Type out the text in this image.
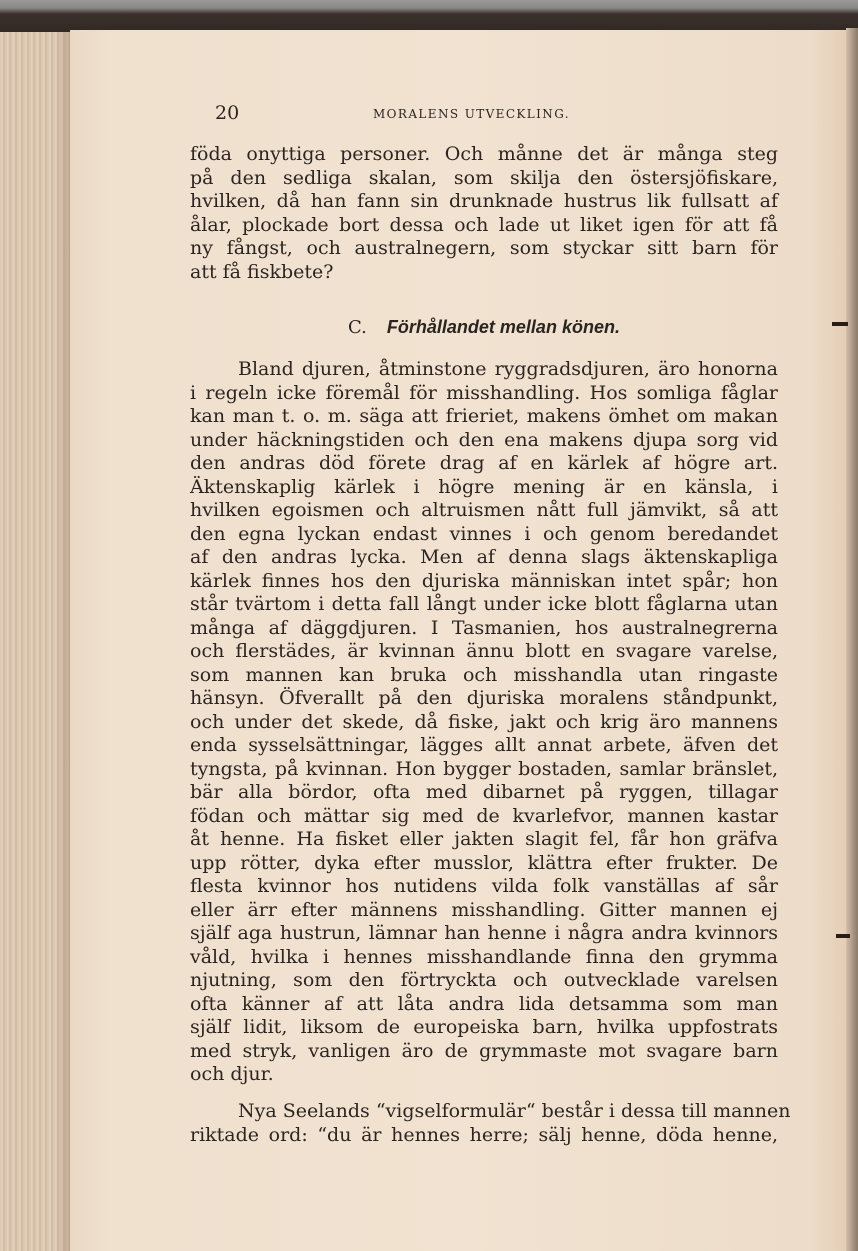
20	MORALENS UTVECKLING.
föda onyttiga personer. Och månne det är många steg
på den sedliga skalan, som skilja den östersjöfiskare,
hvilken, då han fann sin drunknade hustrus lik fullsatt af
ålar, plockade bort dessa och lade ut liket igen för att få
ny fångst, och australnegern, som styckar sitt barn för
att få fiskbete?
C. Förhållandet mellan könen.
Bland djuren, åtminstone ryggradsdjuren, äro honorna
i regeln icke föremål för misshandling. Hos somliga fåglar
kan man t. o. m. säga att frieriet, makens ömhet om makan
under häckningstiden och den ena makens djupa sorg vid
den andras död förete drag af en kärlek af högre art.
Äktenskaplig kärlek i högre mening är en känsla, i
hvilken egoismen och altruismen nått full jämvikt, så att
den egna lyckan endast vinnes i och genom beredandet
af den andras lycka. Men af denna slags äktenskapliga
kärlek finnes hos den djuriska människan intet spår; hon
står tvärtom i detta fall långt under icke blott fåglarna utan
många af däggdjuren. I Tasmanien, hos australnegrerna
och flerstädes, är kvinnan ännu blott en svagare varelse,
som mannen kan bruka och misshandla utan ringaste
hänsyn. Öfverallt på den djuriska moralens ståndpunkt,
och under det skede, då fiske, jakt och krig äro mannens
enda sysselsättningar, lägges allt annat arbete, äfven det
tyngsta, på kvinnan. Hon bygger bostaden, samlar bränslet,
bär alla bördor, ofta med dibarnet på ryggen, tillagar
födan och mättar sig med de kvarlefvor, mannen kastar
åt henne. Ha fisket eller jakten slagit fel, får hon gräfva
upp rötter, dyka efter musslor, klättra efter frukter. De
flesta kvinnor hos nutidens vilda folk vanställas af sår
eller ärr efter männens misshandling. Gitter mannen ej
själf aga hustrun, lämnar han henne i några andra kvinnors
våld, hvilka i hennes misshandlande finna den grymma
njutning, som den förtryckta och outvecklade varelsen
ofta känner af att låta andra lida detsamma som man
själf lidit, liksom de europeiska barn, hvilka uppfostrats
med stryk, vanligen äro de grymmaste mot svagare barn
och djur.
Nya Seelands “vigselformulär“ består i dessa till mannen
riktade ord: “du är hennes herre; sälj henne, döda henne,
